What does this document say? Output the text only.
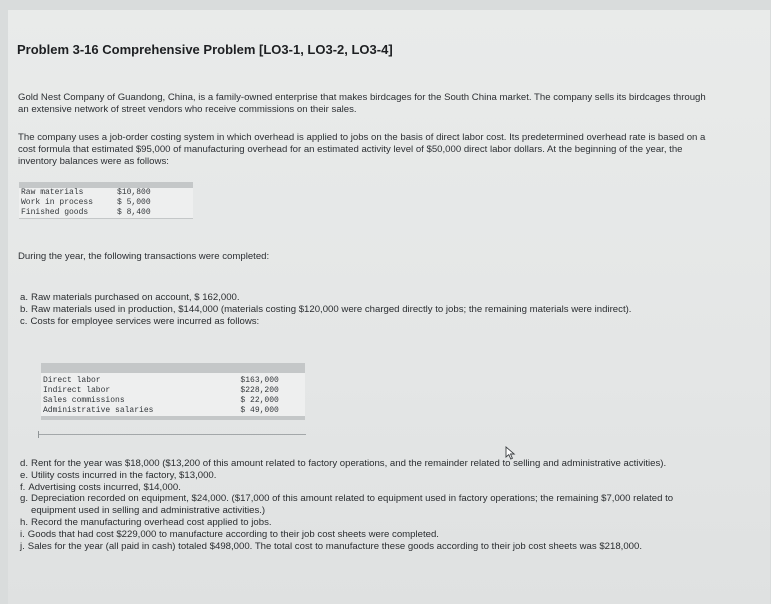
Problem 3-16 Comprehensive Problem [LO3-1, LO3-2, LO3-4]
Gold Nest Company of Guandong, China, is a family-owned enterprise that makes birdcages for the South China market. The company sells its birdcages through an extensive network of street vendors who receive commissions on their sales.
The company uses a job-order costing system in which overhead is applied to jobs on the basis of direct labor cost. Its predetermined overhead rate is based on a cost formula that estimated $95,000 of manufacturing overhead for an estimated activity level of $50,000 direct labor dollars. At the beginning of the year, the inventory balances were as follows:
Raw materials	$10,800
Work in process	$ 5,000
Finished goods	$ 8,400
During the year, the following transactions were completed:
a. Raw materials purchased on account, $ 162,000.
b. Raw materials used in production, $144,000 (materials costing $120,000 were charged directly to jobs; the remaining materials were indirect).
c. Costs for employee services were incurred as follows:
Direct labor	$163,000
Indirect labor	$228,200
Sales commissions	$ 22,000
Administrative salaries	$ 49,000
d. Rent for the year was $18,000 ($13,200 of this amount related to factory operations, and the remainder related to selling and administrative activities).
e. Utility costs incurred in the factory, $13,000.
f. Advertising costs incurred, $14,000.
g. Depreciation recorded on equipment, $24,000. ($17,000 of this amount related to equipment used in factory operations; the remaining $7,000 related to equipment used in selling and administrative activities.)
h. Record the manufacturing overhead cost applied to jobs.
i. Goods that had cost $229,000 to manufacture according to their job cost sheets were completed.
j. Sales for the year (all paid in cash) totaled $498,000. The total cost to manufacture these goods according to their job cost sheets was $218,000.
